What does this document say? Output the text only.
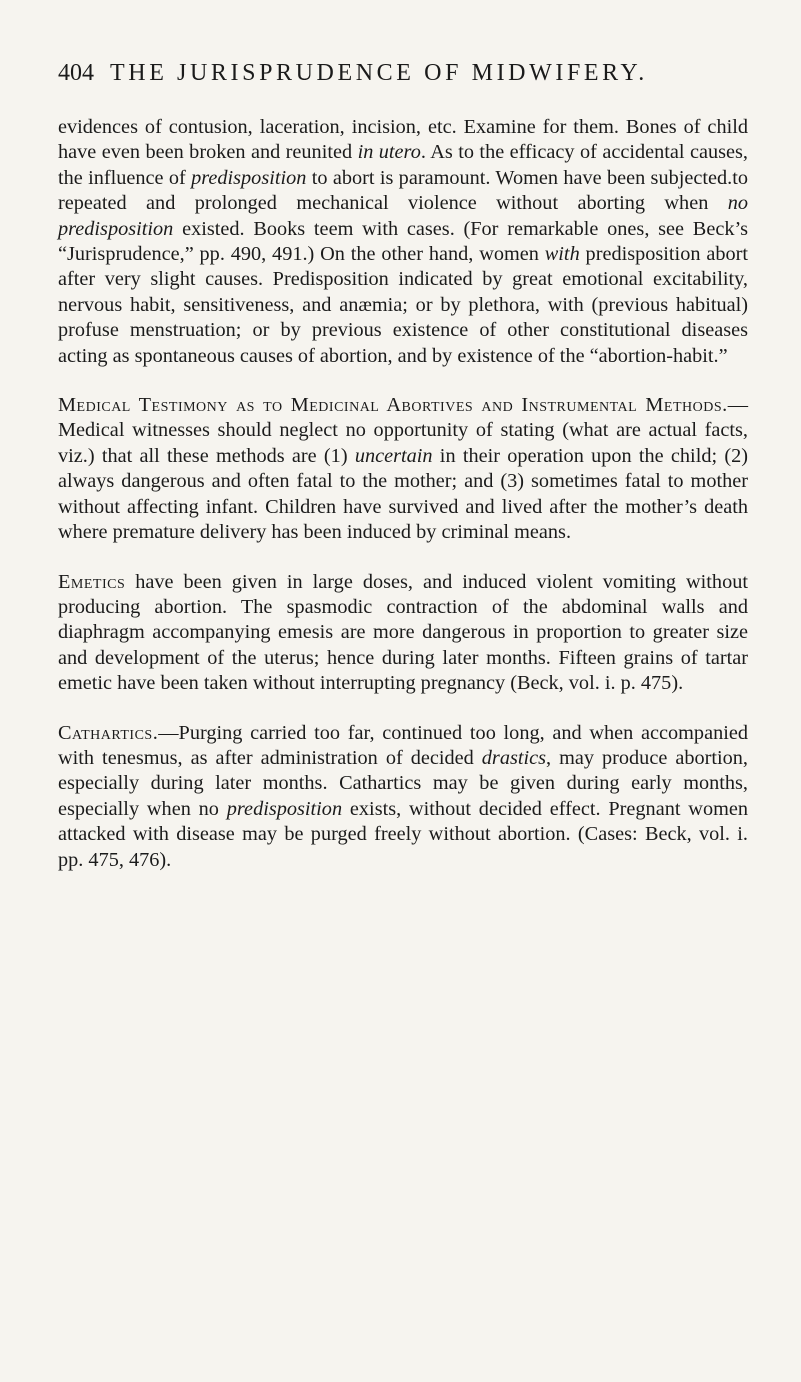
404 THE JURISPRUDENCE OF MIDWIFERY.

evidences of contusion, laceration, incision, etc. Examine for them. Bones of child have even been broken and reunited in utero. As to the efficacy of accidental causes, the influence of predisposition to abort is paramount. Women have been subjected.to repeated and prolonged mechanical violence without aborting when no predisposition existed. Books teem with cases. (For remarkable ones, see Beck’s “Jurisprudence,” pp. 490, 491.) On the other hand, women with predisposition abort after very slight causes. Predisposition indicated by great emotional excitability, nervous habit, sensitiveness, and anæmia; or by plethora, with (previous habitual) profuse menstruation; or by previous existence of other constitutional diseases acting as spontaneous causes of abortion, and by existence of the “abortion-habit.”

Medical Testimony as to Medicinal Abortives and Instrumental Methods.—Medical witnesses should neglect no opportunity of stating (what are actual facts, viz.) that all these methods are (1) uncertain in their operation upon the child; (2) always dangerous and often fatal to the mother; and (3) sometimes fatal to mother without affecting infant. Children have survived and lived after the mother’s death where premature delivery has been induced by criminal means.

Emetics have been given in large doses, and induced violent vomiting without producing abortion. The spasmodic contraction of the abdominal walls and diaphragm accompanying emesis are more dangerous in proportion to greater size and development of the uterus; hence during later months. Fifteen grains of tartar emetic have been taken without interrupting pregnancy (Beck, vol. i. p. 475).

Cathartics.—Purging carried too far, continued too long, and when accompanied with tenesmus, as after administration of decided drastics, may produce abortion, especially during later months. Cathartics may be given during early months, especially when no predisposition exists, without decided effect. Pregnant women attacked with disease may be purged freely without abortion. (Cases: Beck, vol. i. pp. 475, 476).
